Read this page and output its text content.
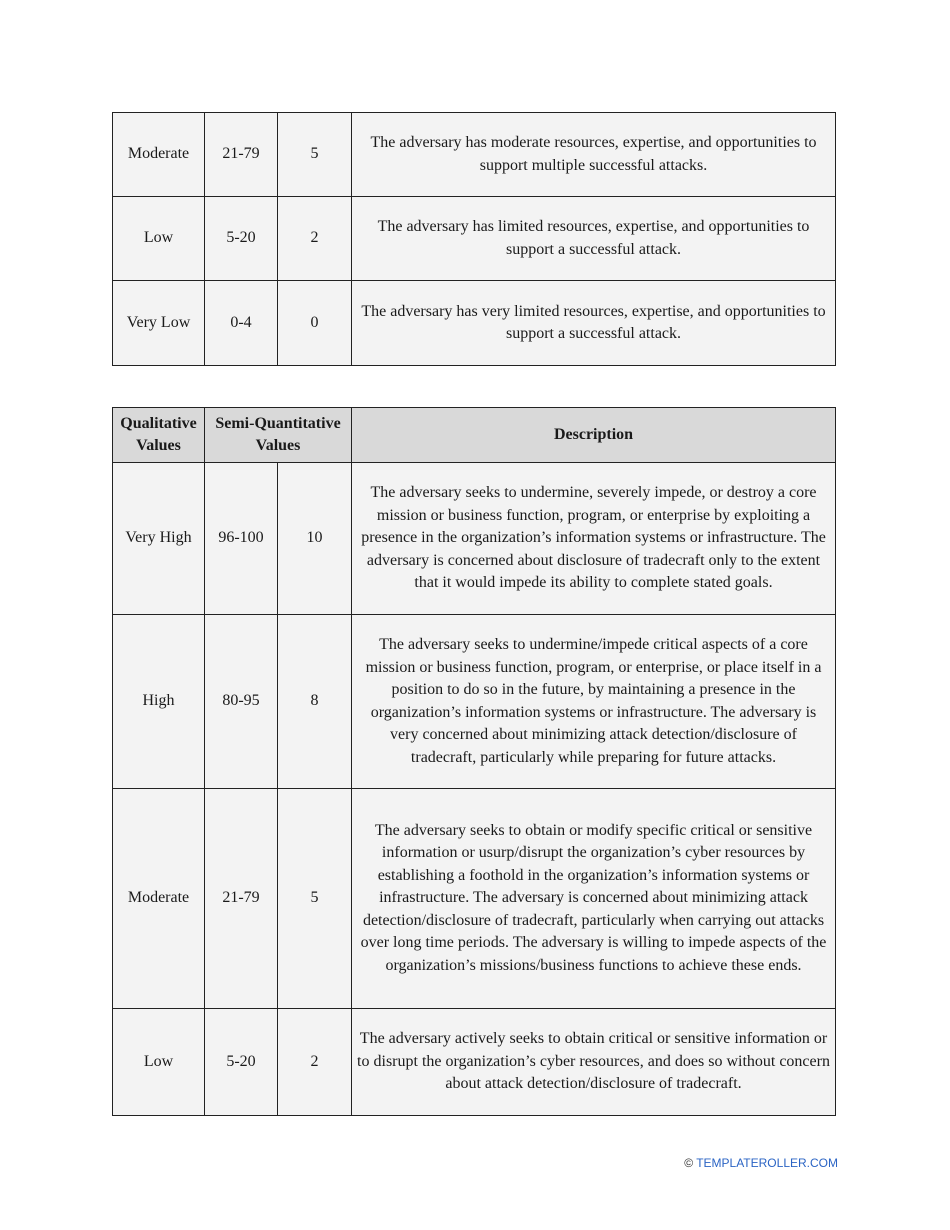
Moderate	21-79	5	The adversary has moderate resources, expertise, and opportunities to support multiple successful attacks.
Low	5-20	2	The adversary has limited resources, expertise, and opportunities to support a successful attack.
Very Low	0-4	0	The adversary has very limited resources, expertise, and opportunities to support a successful attack.
Qualitative Values	Semi-Quantitative Values		Description
Very High	96-100	10	The adversary seeks to undermine, severely impede, or destroy a core mission or business function, program, or enterprise by exploiting a presence in the organization’s information systems or infrastructure. The adversary is concerned about disclosure of tradecraft only to the extent that it would impede its ability to complete stated goals.
High	80-95	8	The adversary seeks to undermine/impede critical aspects of a core mission or business function, program, or enterprise, or place itself in a position to do so in the future, by maintaining a presence in the organization’s information systems or infrastructure. The adversary is very concerned about minimizing attack detection/disclosure of tradecraft, particularly while preparing for future attacks.
Moderate	21-79	5	The adversary seeks to obtain or modify specific critical or sensitive information or usurp/disrupt the organization’s cyber resources by establishing a foothold in the organization’s information systems or infrastructure. The adversary is concerned about minimizing attack detection/disclosure of tradecraft, particularly when carrying out attacks over long time periods. The adversary is willing to impede aspects of the organization’s missions/business functions to achieve these ends.
Low	5-20	2	The adversary actively seeks to obtain critical or sensitive information or to disrupt the organization’s cyber resources, and does so without concern about attack detection/disclosure of tradecraft.
© TEMPLATEROLLER.COM
